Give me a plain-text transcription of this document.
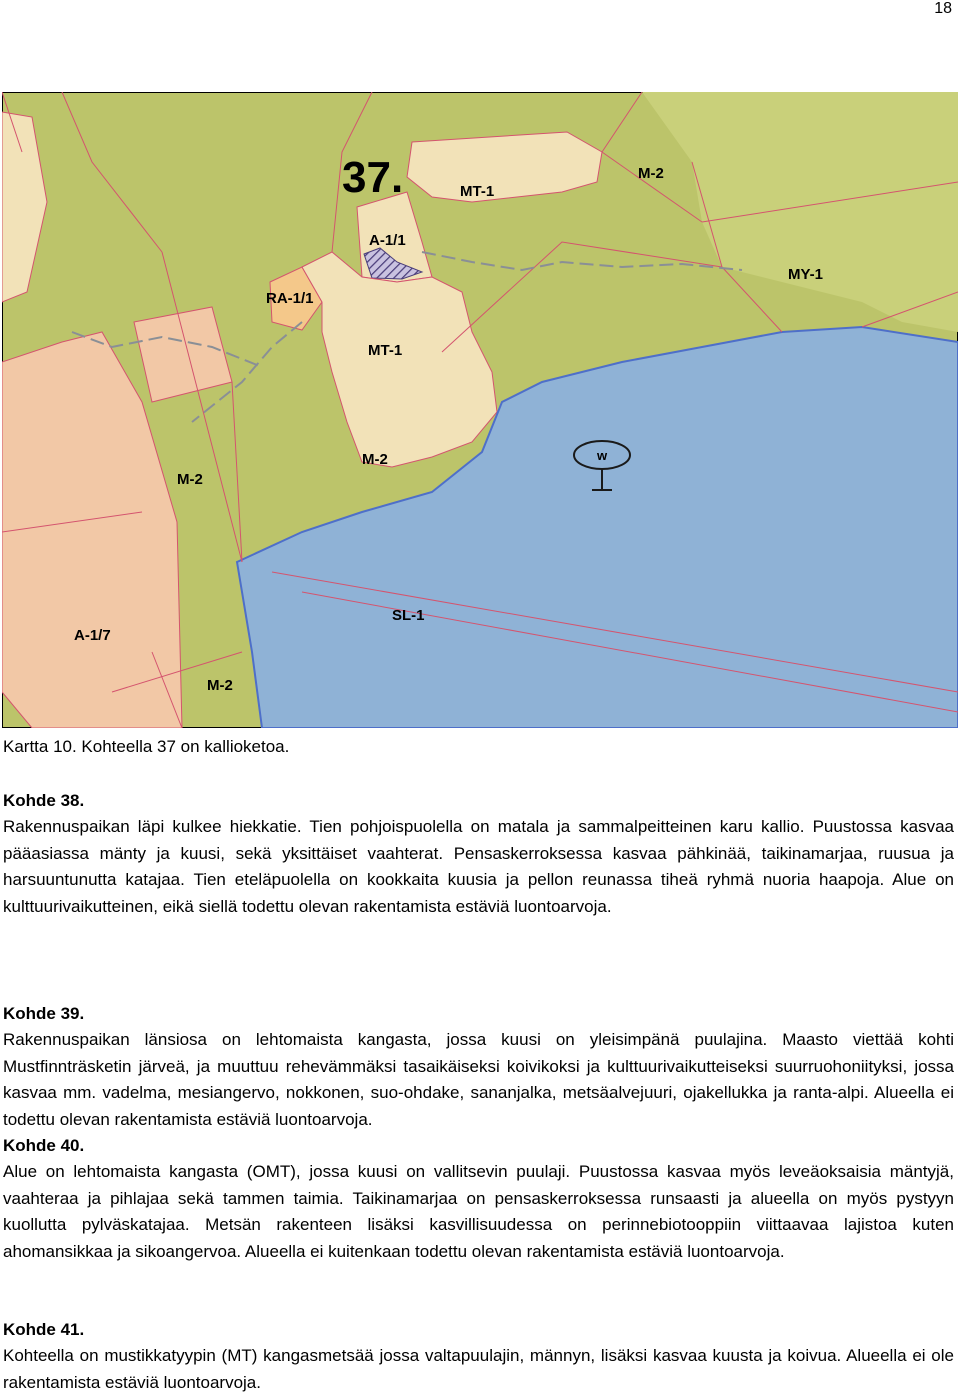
18
w
37.	MT-1
M-2
A-1/1
RA-1/1
MY-1
MT-1
M-2
M-2
SL-1
A-1/7
M-2

Kartta 10. Kohteella 37 on kallioketoa.

Kohde 38.

Rakennuspaikan läpi kulkee hiekkatie. Tien pohjoispuolella on matala ja sammalpeitteinen karu kallio. Puustossa kasvaa pääasiassa mänty ja kuusi, sekä yksittäiset vaahterat. Pensaskerroksessa kasvaa pähkinää, taikinamarjaa, ruusua ja harsuuntunutta katajaa. Tien eteläpuolella on kookkaita kuusia ja pellon reunassa tiheä ryhmä nuoria haapoja. Alue on kulttuurivaikutteinen, eikä siellä todettu olevan rakentamista estäviä luontoarvoja.

Kohde 39.

Rakennuspaikan länsiosa on lehtomaista kangasta, jossa kuusi on yleisimpänä puulajina. Maasto viettää kohti Mustfinnträsketin järveä, ja muuttuu rehevämmäksi tasaikäiseksi koivikoksi ja kulttuurivaikutteiseksi suurruohoniityksi, jossa kasvaa mm. vadelma, mesiangervo, nokkonen, suo-ohdake, sananjalka, metsäalvejuuri, ojakellukka ja ranta-alpi. Alueella ei todettu olevan rakentamista estäviä luontoarvoja.

Kohde 40.

Alue on lehtomaista kangasta (OMT), jossa kuusi on vallitsevin puulaji. Puustossa kasvaa myös leveäoksaisia mäntyjä, vaahteraa ja pihlajaa sekä tammen taimia. Taikinamarjaa on pensaskerroksessa runsaasti ja alueella on myös pystyyn kuollutta pylväskatajaa. Metsän rakenteen lisäksi kasvillisuudessa on perinnebiotooppiin viittaavaa lajistoa kuten ahomansikkaa ja sikoangervoa. Alueella ei kuitenkaan todettu olevan rakentamista estäviä luontoarvoja.

Kohde 41.

Kohteella on mustikkatyypin (MT) kangasmetsää jossa valtapuulajin, männyn, lisäksi kasvaa kuusta ja koivua. Alueella ei ole rakentamista estäviä luontoarvoja.
